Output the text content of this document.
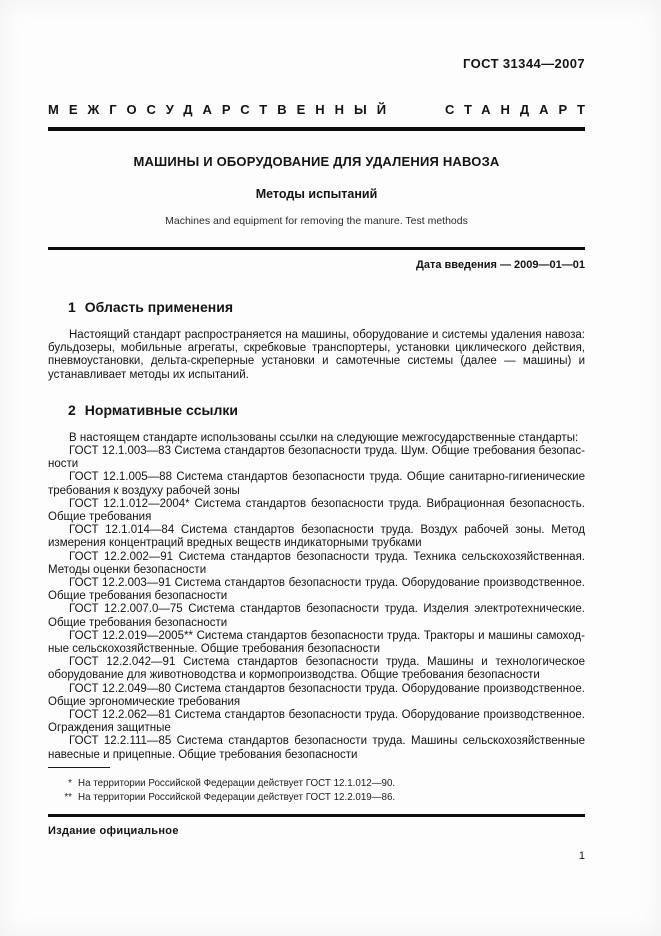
ГОСТ 31344—2007
МЕЖГОСУДАРСТВЕННЫЙ	СТАНДАРТ
МАШИНЫ И ОБОРУДОВАНИЕ ДЛЯ УДАЛЕНИЯ НАВОЗА
Методы испытаний
Machines and equipment for removing the manure. Test methods
Дата введения — 2009—01—01
1 Область применения

Настоящий стандарт распространяется на машины, оборудование и системы удаления навоза: бульдозеры, мобильные агрегаты, скребковые транспортеры, установки циклического действия, пневмоустановки, дельта-скреперные установки и самотечные системы (далее — машины) и устанавливает методы их испытаний.

2 Нормативные ссылки

В настоящем стандарте использованы ссылки на следующие межгосударственные стандарты:

ГОСТ 12.1.003—83 Система стандартов безопасности труда. Шум. Общие требования безопасности

ГОСТ 12.1.005—88 Система стандартов безопасности труда. Общие санитарно-гигиенические требования к воздуху рабочей зоны

ГОСТ 12.1.012—2004* Система стандартов безопасности труда. Вибрационная безопасность. Общие требования

ГОСТ 12.1.014—84 Система стандартов безопасности труда. Воздух рабочей зоны. Метод измерения концентраций вредных веществ индикаторными трубками

ГОСТ 12.2.002—91 Система стандартов безопасности труда. Техника сельскохозяйственная. Методы оценки безопасности

ГОСТ 12.2.003—91 Система стандартов безопасности труда. Оборудование производственное. Общие требования безопасности

ГОСТ 12.2.007.0—75 Система стандартов безопасности труда. Изделия электротехнические. Общие требования безопасности

ГОСТ 12.2.019—2005** Система стандартов безопасности труда. Тракторы и машины самоходные сельскохозяйственные. Общие требования безопасности

ГОСТ 12.2.042—91 Система стандартов безопасности труда. Машины и технологическое оборудование для животноводства и кормопроизводства. Общие требования безопасности

ГОСТ 12.2.049—80 Система стандартов безопасности труда. Оборудование производственное. Общие эргономические требования

ГОСТ 12.2.062—81 Система стандартов безопасности труда. Оборудование производственное. Ограждения защитные

ГОСТ 12.2.111—85 Система стандартов безопасности труда. Машины сельскохозяйственные навесные и прицепные. Общие требования безопасности

* На территории Российской Федерации действует ГОСТ 12.1.012—90.
** На территории Российской Федерации действует ГОСТ 12.2.019—86.
Издание официальное
1
